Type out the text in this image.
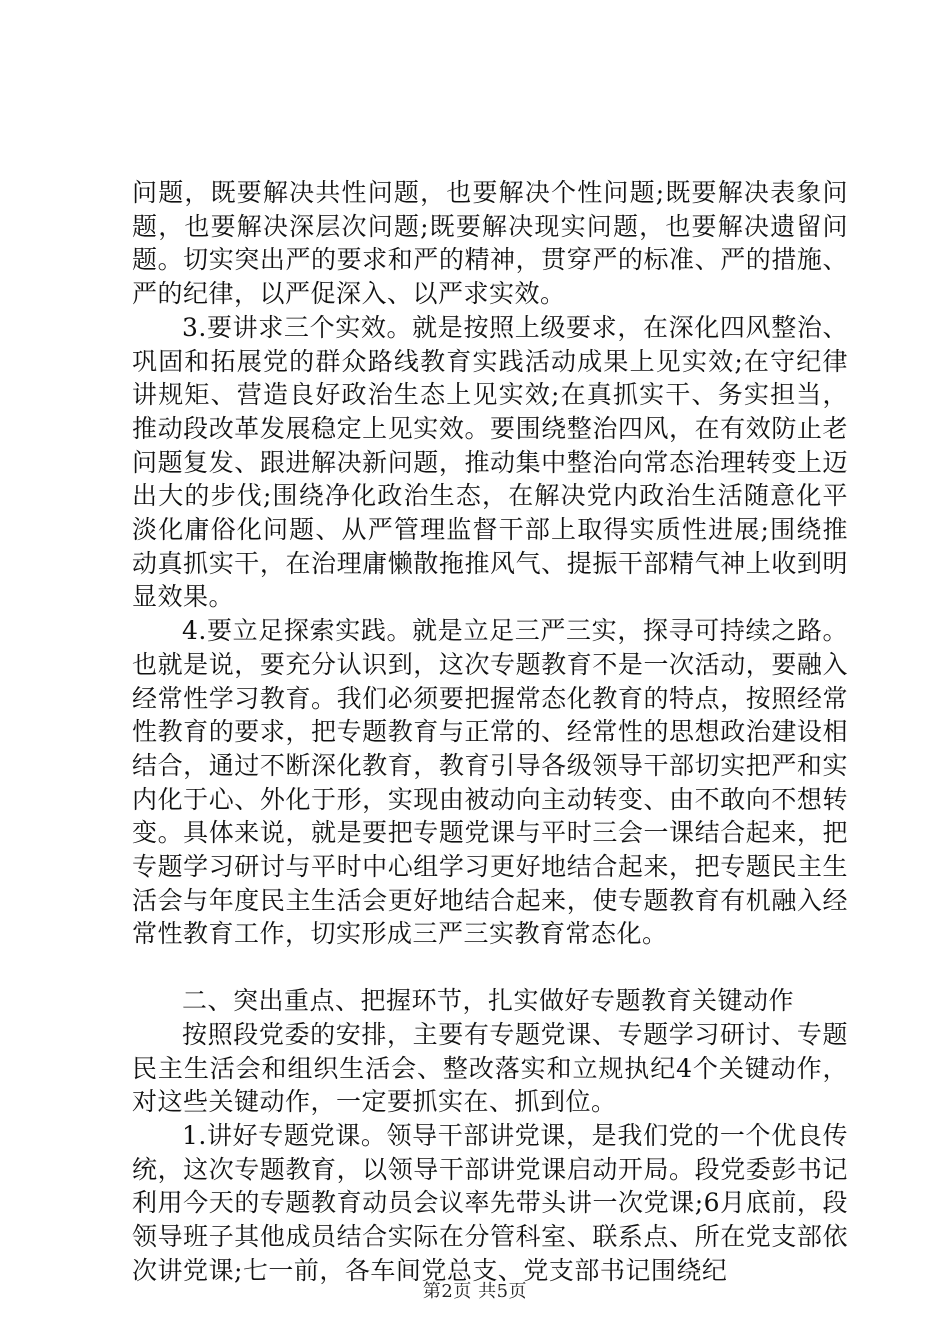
问题，既要解决共性问题，也要解决个性问题;既要解决表象问题，也要解决深层次问题;既要解决现实问题，也要解决遗留问题。切实突出严的要求和严的精神，贯穿严的标准、严的措施、严的纪律，以严促深入、以严求实效。

3.要讲求三个实效。就是按照上级要求，在深化四风整治、巩固和拓展党的群众路线教育实践活动成果上见实效;在守纪律讲规矩、营造良好政治生态上见实效;在真抓实干、务实担当，推动段改革发展稳定上见实效。要围绕整治四风，在有效防止老问题复发、跟进解决新问题，推动集中整治向常态治理转变上迈出大的步伐;围绕净化政治生态，在解决党内政治生活随意化平淡化庸俗化问题、从严管理监督干部上取得实质性进展;围绕推动真抓实干，在治理庸懒散拖推风气、提振干部精气神上收到明显效果。

4.要立足探索实践。就是立足三严三实，探寻可持续之路。也就是说，要充分认识到，这次专题教育不是一次活动，要融入经常性学习教育。我们必须要把握常态化教育的特点，按照经常性教育的要求，把专题教育与正常的、经常性的思想政治建设相结合，通过不断深化教育，教育引导各级领导干部切实把严和实内化于心、外化于形，实现由被动向主动转变、由不敢向不想转变。具体来说，就是要把专题党课与平时三会一课结合起来，把专题学习研讨与平时中心组学习更好地结合起来，把专题民主生活会与年度民主生活会更好地结合起来，使专题教育有机融入经常性教育工作，切实形成三严三实教育常态化。

二、突出重点、把握环节，扎实做好专题教育关键动作

按照段党委的安排，主要有专题党课、专题学习研讨、专题民主生活会和组织生活会、整改落实和立规执纪4个关键动作，对这些关键动作，一定要抓实在、抓到位。

1.讲好专题党课。领导干部讲党课，是我们党的一个优良传统，这次专题教育，以领导干部讲党课启动开局。段党委彭书记利用今天的专题教育动员会议率先带头讲一次党课;6月底前，段领导班子其他成员结合实际在分管科室、联系点、所在党支部依次讲党课;七一前，各车间党总支、党支部书记围绕纪

第2页 共5页
